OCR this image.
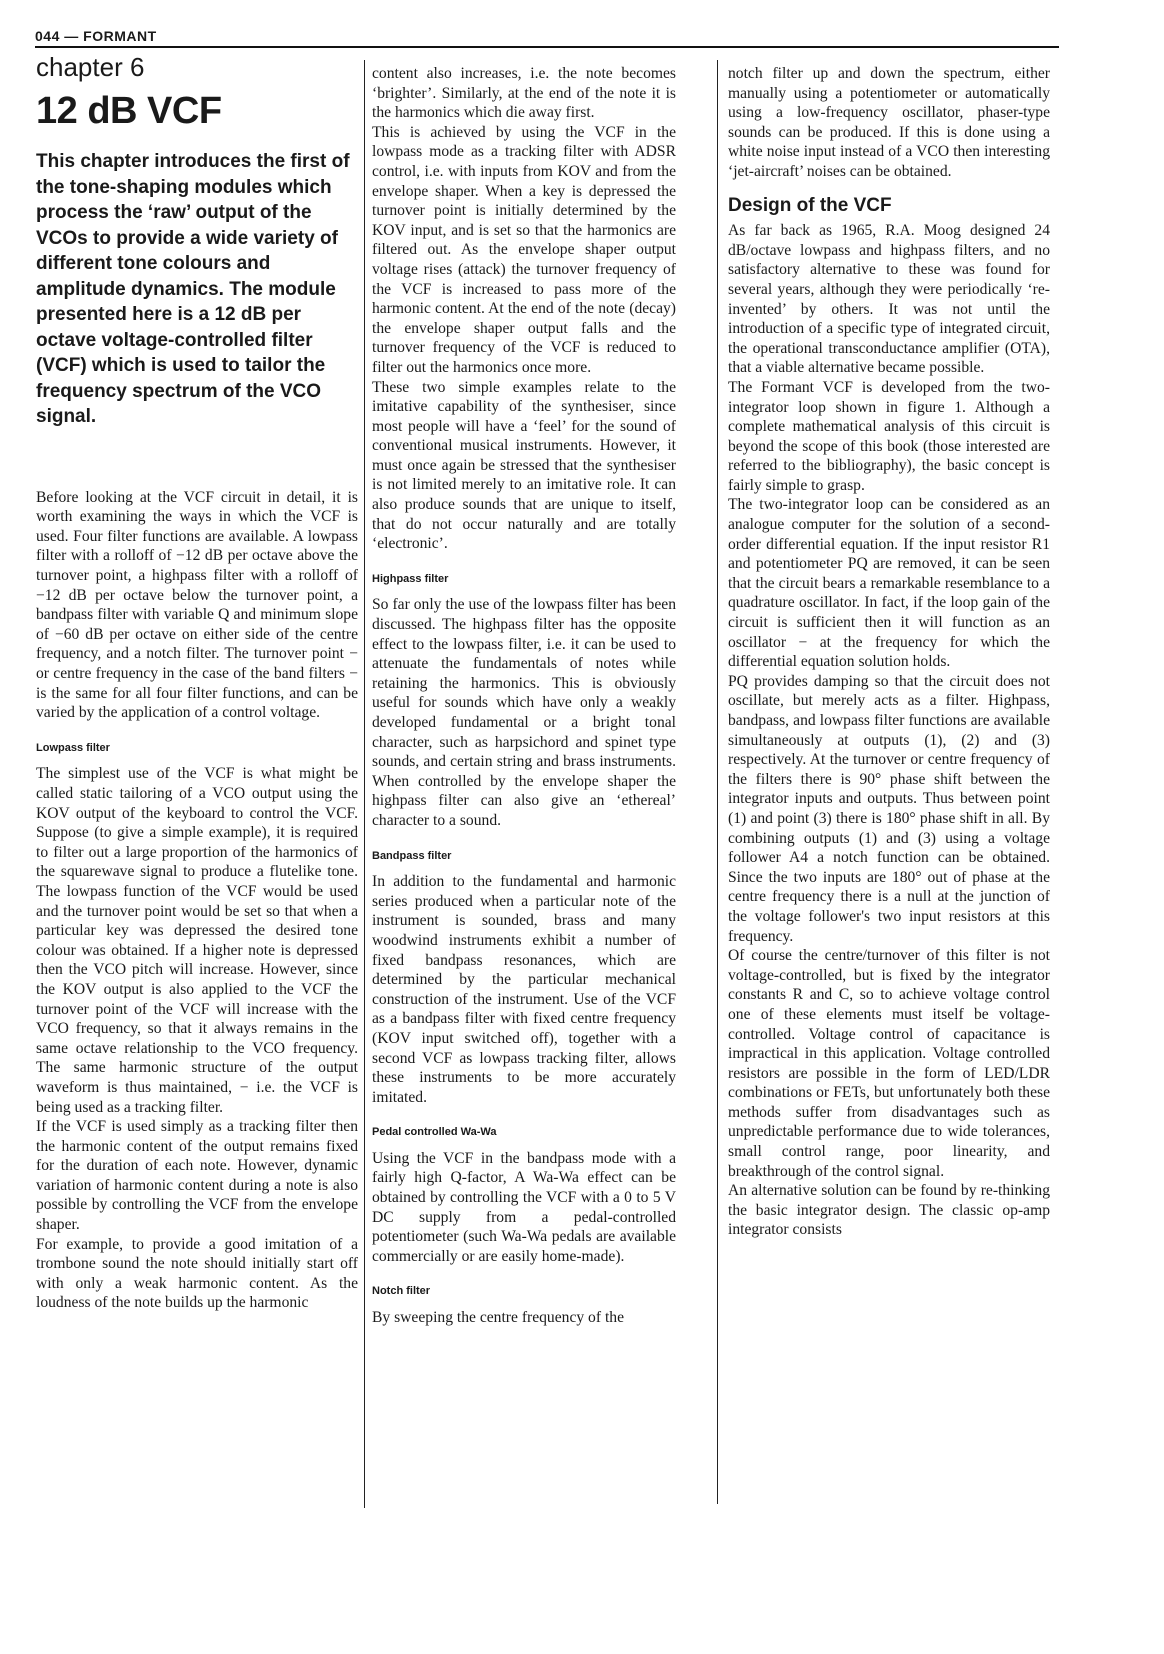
044 — FORMANT

chapter 6

12 dB VCF

This chapter introduces the first of the tone-shaping modules which process the ‘raw’ output of the VCOs to provide a wide variety of different tone colours and amplitude dynamics. The module presented here is a 12 dB per octave voltage-controlled filter (VCF) which is used to tailor the frequency spectrum of the VCO signal.

Before looking at the VCF circuit in detail, it is worth examining the ways in which the VCF is used. Four filter functions are available. A lowpass filter with a rolloff of −12 dB per octave above the turnover point, a highpass filter with a rolloff of −12 dB per octave below the turnover point, a bandpass filter with variable Q and minimum slope of −60 dB per octave on either side of the centre frequency, and a notch filter. The turnover point − or centre frequency in the case of the band filters − is the same for all four filter functions, and can be varied by the application of a control voltage.

Lowpass filter

The simplest use of the VCF is what might be called static tailoring of a VCO output using the KOV output of the keyboard to control the VCF. Suppose (to give a simple example), it is required to filter out a large proportion of the harmonics of the squarewave signal to produce a flutelike tone. The lowpass function of the VCF would be used and the turnover point would be set so that when a particular key was depressed the desired tone colour was obtained. If a higher note is depressed then the VCO pitch will increase. However, since the KOV output is also applied to the VCF the turnover point of the VCF will increase with the VCO frequency, so that it always remains in the same octave relationship to the VCO frequency. The same harmonic structure of the output waveform is thus maintained, − i.e. the VCF is being used as a tracking filter.

If the VCF is used simply as a tracking filter then the harmonic content of the output remains fixed for the duration of each note. However, dynamic variation of harmonic content during a note is also possible by controlling the VCF from the envelope shaper.

For example, to provide a good imitation of a trombone sound the note should initially start off with only a weak harmonic content. As the loudness of the note builds up the harmonic

content also increases, i.e. the note becomes ‘brighter’. Similarly, at the end of the note it is the harmonics which die away first.

This is achieved by using the VCF in the lowpass mode as a tracking filter with ADSR control, i.e. with inputs from KOV and from the envelope shaper. When a key is depressed the turnover point is initially determined by the KOV input, and is set so that the harmonics are filtered out. As the envelope shaper output voltage rises (attack) the turnover frequency of the VCF is increased to pass more of the harmonic content. At the end of the note (decay) the envelope shaper output falls and the turnover frequency of the VCF is reduced to filter out the harmonics once more.

These two simple examples relate to the imitative capability of the synthesiser, since most people will have a ‘feel’ for the sound of conventional musical instruments. However, it must once again be stressed that the synthesiser is not limited merely to an imitative role. It can also produce sounds that are unique to itself, that do not occur naturally and are totally ‘electronic’.

Highpass filter

So far only the use of the lowpass filter has been discussed. The highpass filter has the opposite effect to the lowpass filter, i.e. it can be used to attenuate the fundamentals of notes while retaining the harmonics. This is obviously useful for sounds which have only a weakly developed fundamental or a bright tonal character, such as harpsichord and spinet type sounds, and certain string and brass instruments. When controlled by the envelope shaper the highpass filter can also give an ‘ethereal’ character to a sound.

Bandpass filter

In addition to the fundamental and harmonic series produced when a particular note of the instrument is sounded, brass and many woodwind instruments exhibit a number of fixed bandpass resonances, which are determined by the particular mechanical construction of the instrument. Use of the VCF as a bandpass filter with fixed centre frequency (KOV input switched off), together with a second VCF as lowpass tracking filter, allows these instruments to be more accurately imitated.

Pedal controlled Wa-Wa

Using the VCF in the bandpass mode with a fairly high Q-factor, A Wa-Wa effect can be obtained by controlling the VCF with a 0 to 5 V DC supply from a pedal-controlled potentiometer (such Wa-Wa pedals are available commercially or are easily home-made).

Notch filter

By sweeping the centre frequency of the

notch filter up and down the spectrum, either manually using a potentiometer or automatically using a low-frequency oscillator, phaser-type sounds can be produced. If this is done using a white noise input instead of a VCO then interesting ‘jet-aircraft’ noises can be obtained.

Design of the VCF

As far back as 1965, R.A. Moog designed 24 dB/octave lowpass and highpass filters, and no satisfactory alternative to these was found for several years, although they were periodically ‘re-invented’ by others. It was not until the introduction of a specific type of integrated circuit, the operational transconductance amplifier (OTA), that a viable alternative became possible.

The Formant VCF is developed from the two-integrator loop shown in figure 1. Although a complete mathematical analysis of this circuit is beyond the scope of this book (those interested are referred to the bibliography), the basic concept is fairly simple to grasp.

The two-integrator loop can be considered as an analogue computer for the solution of a second-order differential equation. If the input resistor R1 and potentiometer PQ are removed, it can be seen that the circuit bears a remarkable resemblance to a quadrature oscillator. In fact, if the loop gain of the circuit is sufficient then it will function as an oscillator − at the frequency for which the differential equation solution holds.

PQ provides damping so that the circuit does not oscillate, but merely acts as a filter. Highpass, bandpass, and lowpass filter functions are available simultaneously at outputs (1), (2) and (3) respectively. At the turnover or centre frequency of the filters there is 90° phase shift between the integrator inputs and outputs. Thus between point (1) and point (3) there is 180° phase shift in all. By combining outputs (1) and (3) using a voltage follower A4 a notch function can be obtained. Since the two inputs are 180° out of phase at the centre frequency there is a null at the junction of the voltage follower's two input resistors at this frequency.

Of course the centre/turnover of this filter is not voltage-controlled, but is fixed by the integrator constants R and C, so to achieve voltage control one of these elements must itself be voltage-controlled. Voltage control of capacitance is impractical in this application. Voltage controlled resistors are possible in the form of LED/LDR combinations or FETs, but unfortunately both these methods suffer from disadvantages such as unpredictable performance due to wide tolerances, small control range, poor linearity, and breakthrough of the control signal.

An alternative solution can be found by re-thinking the basic integrator design. The classic op-amp integrator consists
